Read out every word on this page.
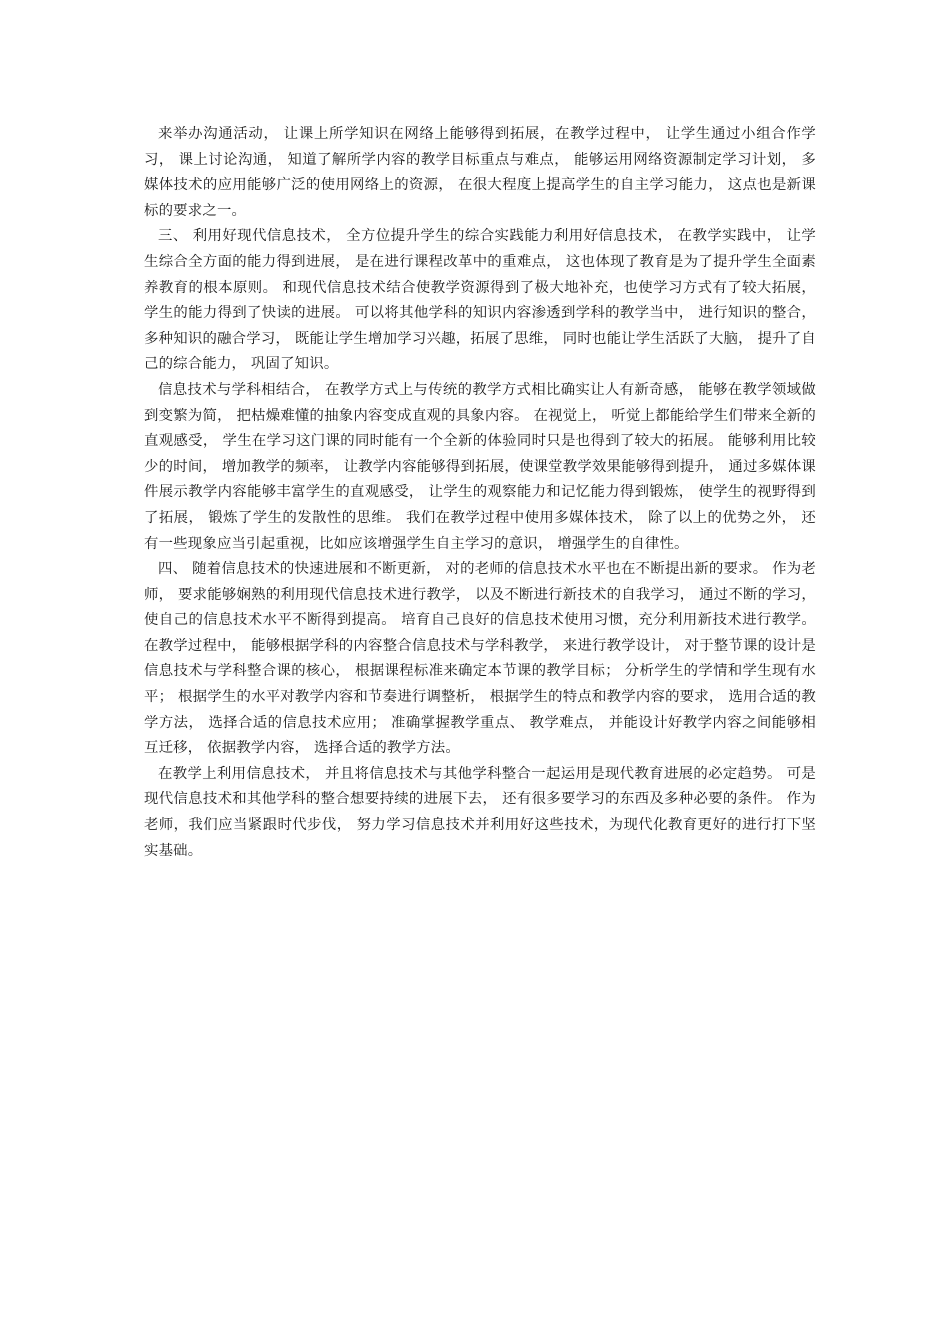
来举办沟通活动， 让课上所学知识在网络上能够得到拓展，在教学过程中， 让学生通过小组合作学习， 课上讨论沟通， 知道了解所学内容的教学目标重点与难点， 能够运用网络资源制定学习计划， 多媒体技术的应用能够广泛的使用网络上的资源， 在很大程度上提高学生的自主学习能力， 这点也是新课标的要求之一。

三、 利用好现代信息技术， 全方位提升学生的综合实践能力利用好信息技术， 在教学实践中， 让学生综合全方面的能力得到进展， 是在进行课程改革中的重难点， 这也体现了教育是为了提升学生全面素养教育的根本原则。 和现代信息技术结合使教学资源得到了极大地补充，也使学习方式有了较大拓展， 学生的能力得到了快读的进展。 可以将其他学科的知识内容渗透到学科的教学当中， 进行知识的整合， 多种知识的融合学习， 既能让学生增加学习兴趣，拓展了思维， 同时也能让学生活跃了大脑， 提升了自己的综合能力， 巩固了知识。

信息技术与学科相结合， 在教学方式上与传统的教学方式相比确实让人有新奇感， 能够在教学领域做到变繁为简， 把枯燥难懂的抽象内容变成直观的具象内容。 在视觉上， 听觉上都能给学生们带来全新的直观感受， 学生在学习这门课的同时能有一个全新的体验同时只是也得到了较大的拓展。 能够利用比较少的时间， 增加教学的频率， 让教学内容能够得到拓展，使课堂教学效果能够得到提升， 通过多媒体课件展示教学内容能够丰富学生的直观感受， 让学生的观察能力和记忆能力得到锻炼， 使学生的视野得到了拓展， 锻炼了学生的发散性的思维。 我们在教学过程中使用多媒体技术， 除了以上的优势之外， 还有一些现象应当引起重视，比如应该增强学生自主学习的意识， 增强学生的自律性。

四、 随着信息技术的快速进展和不断更新， 对的老师的信息技术水平也在不断提出新的要求。 作为老师， 要求能够娴熟的利用现代信息技术进行教学， 以及不断进行新技术的自我学习， 通过不断的学习， 使自己的信息技术水平不断得到提高。 培育自己良好的信息技术使用习惯，充分利用新技术进行教学。 在教学过程中， 能够根据学科的内容整合信息技术与学科教学， 来进行教学设计， 对于整节课的设计是信息技术与学科整合课的核心， 根据课程标准来确定本节课的教学目标； 分析学生的学情和学生现有水平； 根据学生的水平对教学内容和节奏进行调整析， 根据学生的特点和教学内容的要求， 选用合适的教学方法， 选择合适的信息技术应用； 准确掌握教学重点、 教学难点， 并能设计好教学内容之间能够相互迁移， 依据教学内容， 选择合适的教学方法。

在教学上利用信息技术， 并且将信息技术与其他学科整合一起运用是现代教育进展的必定趋势。 可是现代信息技术和其他学科的整合想要持续的进展下去， 还有很多要学习的东西及多种必要的条件。 作为老师，我们应当紧跟时代步伐， 努力学习信息技术并利用好这些技术，为现代化教育更好的进行打下坚实基础。
